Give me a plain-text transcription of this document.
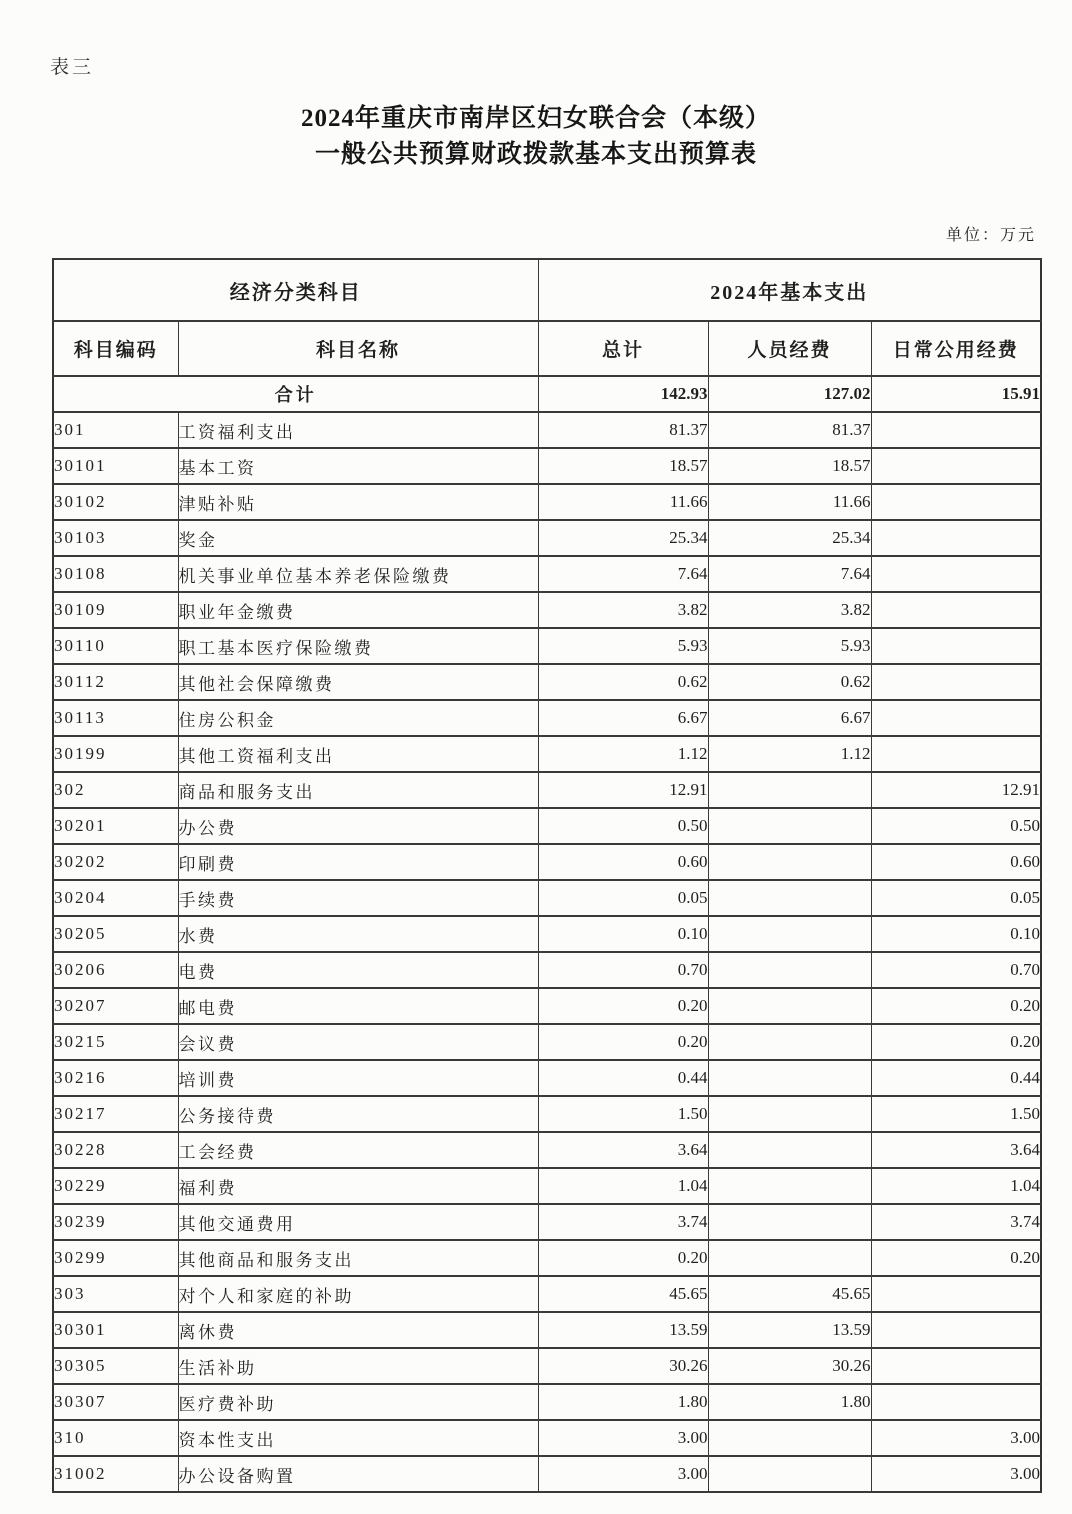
表三
2024年重庆市南岸区妇女联合会（本级）
一般公共预算财政拨款基本支出预算表
单位：万元
经济分类科目		2024年基本支出		
科目编码	科目名称	总计	人员经费	日常公用经费
合计		142.93	127.02	15.91
301	工资福利支出	81.37	81.37	
30101	基本工资	18.57	18.57	
30102	津贴补贴	11.66	11.66	
30103	奖金	25.34	25.34	
30108	机关事业单位基本养老保险缴费	7.64	7.64	
30109	职业年金缴费	3.82	3.82	
30110	职工基本医疗保险缴费	5.93	5.93	
30112	其他社会保障缴费	0.62	0.62	
30113	住房公积金	6.67	6.67	
30199	其他工资福利支出	1.12	1.12	
302	商品和服务支出	12.91		12.91
30201	办公费	0.50		0.50
30202	印刷费	0.60		0.60
30204	手续费	0.05		0.05
30205	水费	0.10		0.10
30206	电费	0.70		0.70
30207	邮电费	0.20		0.20
30215	会议费	0.20		0.20
30216	培训费	0.44		0.44
30217	公务接待费	1.50		1.50
30228	工会经费	3.64		3.64
30229	福利费	1.04		1.04
30239	其他交通费用	3.74		3.74
30299	其他商品和服务支出	0.20		0.20
303	对个人和家庭的补助	45.65	45.65	
30301	离休费	13.59	13.59	
30305	生活补助	30.26	30.26	
30307	医疗费补助	1.80	1.80	
310	资本性支出	3.00		3.00
31002	办公设备购置	3.00		3.00
